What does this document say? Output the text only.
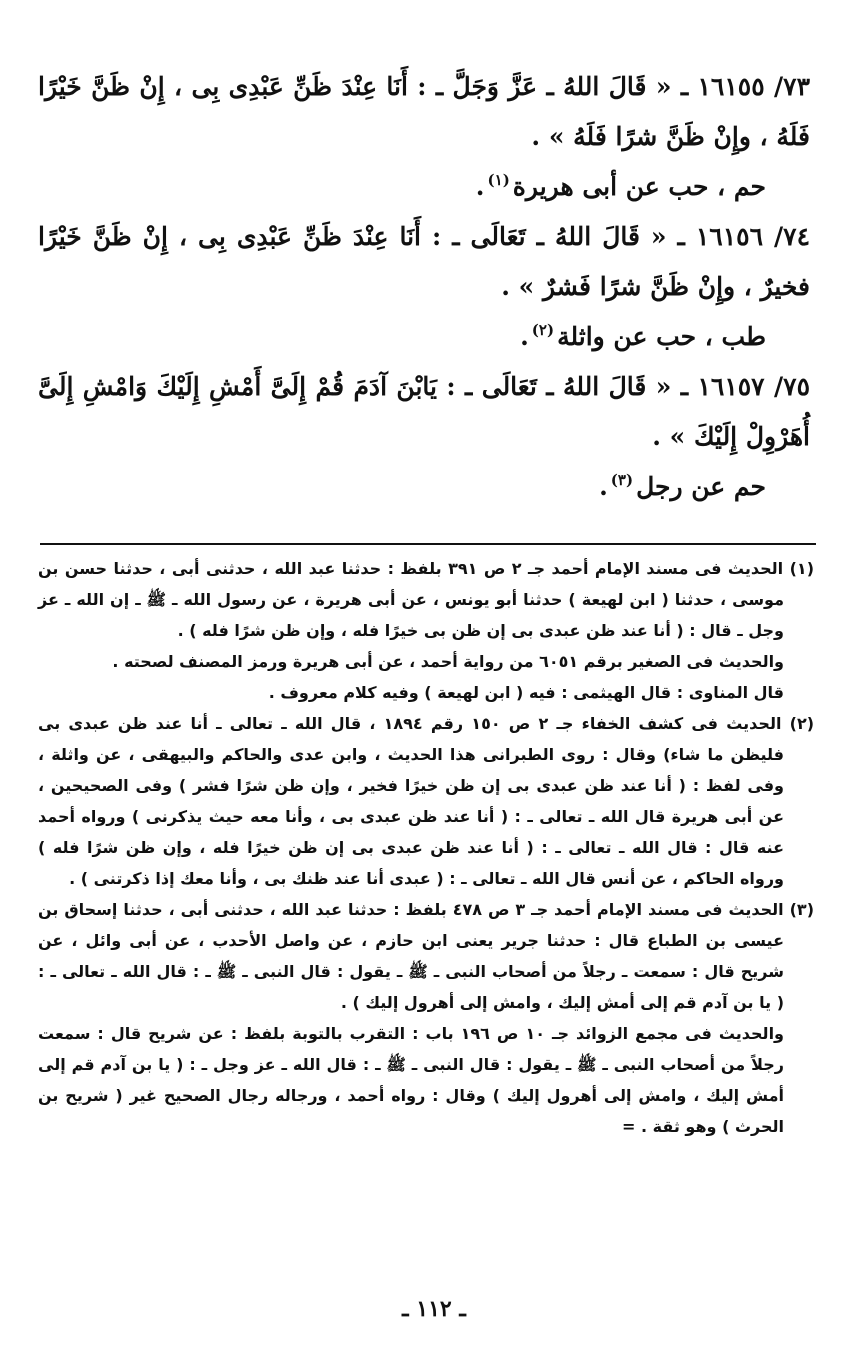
٧٣/ ١٦١٥٥ ـ « قَالَ اللهُ ـ عَزَّ وَجَلَّ ـ : أَنَا عِنْدَ ظَنِّ عَبْدِى بِى ، إِنْ ظَنَّ خَيْرًا فَلَهُ ، وإِنْ ظَنَّ شرًا فَلَهُ » .

حم ، حب عن أبى هريرة$^{(١)}$.

٧٤/ ١٦١٥٦ ـ « قَالَ اللهُ ـ تَعَالَى ـ : أَنَا عِنْدَ ظَنِّ عَبْدِى بِى ، إِنْ ظَنَّ خَيْرًا فخيرٌ ، وإِنْ ظَنَّ شرًا فَشرٌ » .

طب ، حب عن واثلة$^{(٢)}$.

٧٥/ ١٦١٥٧ ـ « قَالَ اللهُ ـ تَعَالَى ـ : يَابْنَ آدَمَ قُمْ إِلَىَّ أَمْشِ إِلَيْكَ وَامْشِ إِلَىَّ أُهَرْوِلْ إِلَيْكَ » .

حم عن رجل$^{(٣)}$.

(١) الحديث فى مسند الإمام أحمد جـ ٢ ص ٣٩١ بلفظ : حدثنا عبد الله ، حدثنى أبى ، حدثنا حسن بن موسى ، حدثنا ( ابن لهيعة ) حدثنا أبو يونس ، عن أبى هريرة ، عن رسول الله ـ ﷺ ـ إن الله ـ عز وجل ـ قال : ( أنا عند ظن عبدى بى إن ظن بى خيرًا فله ، وإن ظن شرًا فله ) .

والحديث فى الصغير برقم ٦٠٥١ من رواية أحمد ، عن أبى هريرة ورمز المصنف لصحته .

قال المناوى : قال الهيثمى : فيه ( ابن لهيعة ) وفيه كلام معروف .

(٢) الحديث فى كشف الخفاء جـ ٢ ص ١٥٠ رقم ١٨٩٤ ، قال الله ـ تعالى ـ أنا عند ظن عبدى بى فليظن ما شاء) وقال : روى الطبرانى هذا الحديث ، وابن عدى والحاكم والبيهقى ، عن واثلة ، وفى لفظ : ( أنا عند ظن عبدى بى إن ظن خيرًا فخير ، وإن ظن شرًا فشر ) وفى الصحيحين ، عن أبى هريرة قال الله ـ تعالى ـ : ( أنا عند ظن عبدى بى ، وأنا معه حيث يذكرنى ) ورواه أحمد عنه قال : قال الله ـ تعالى ـ : ( أنا عند ظن عبدى بى إن ظن خيرًا فله ، وإن ظن شرًا فله ) ورواه الحاكم ، عن أنس قال الله ـ تعالى ـ : ( عبدى أنا عند ظنك بى ، وأنا معك إذا ذكرتنى ) .

(٣) الحديث فى مسند الإمام أحمد جـ ٣ ص ٤٧٨ بلفظ : حدثنا عبد الله ، حدثنى أبى ، حدثنا إسحاق بن عيسى بن الطباع قال : حدثنا جرير يعنى ابن حازم ، عن واصل الأحدب ، عن أبى وائل ، عن شريح قال : سمعت ـ رجلاً من أصحاب النبى ـ ﷺ ـ يقول : قال النبى ـ ﷺ ـ : قال الله ـ تعالى ـ : ( يا بن آدم قم إلى أمش إليك ، وامش إلى أهرول إليك ) .

والحديث فى مجمع الزوائد جـ ١٠ ص ١٩٦ باب : التقرب بالتوبة بلفظ : عن شريح قال : سمعت رجلاً من أصحاب النبى ـ ﷺ ـ يقول : قال النبى ـ ﷺ ـ : قال الله ـ عز وجل ـ : ( يا بن آدم قم إلى أمش إليك ، وامش إلى أهرول إليك ) وقال : رواه أحمد ، ورجاله رجال الصحيح غير ( شريح بن الحرث ) وهو ثقة . =

ـ ١١٢ ـ
